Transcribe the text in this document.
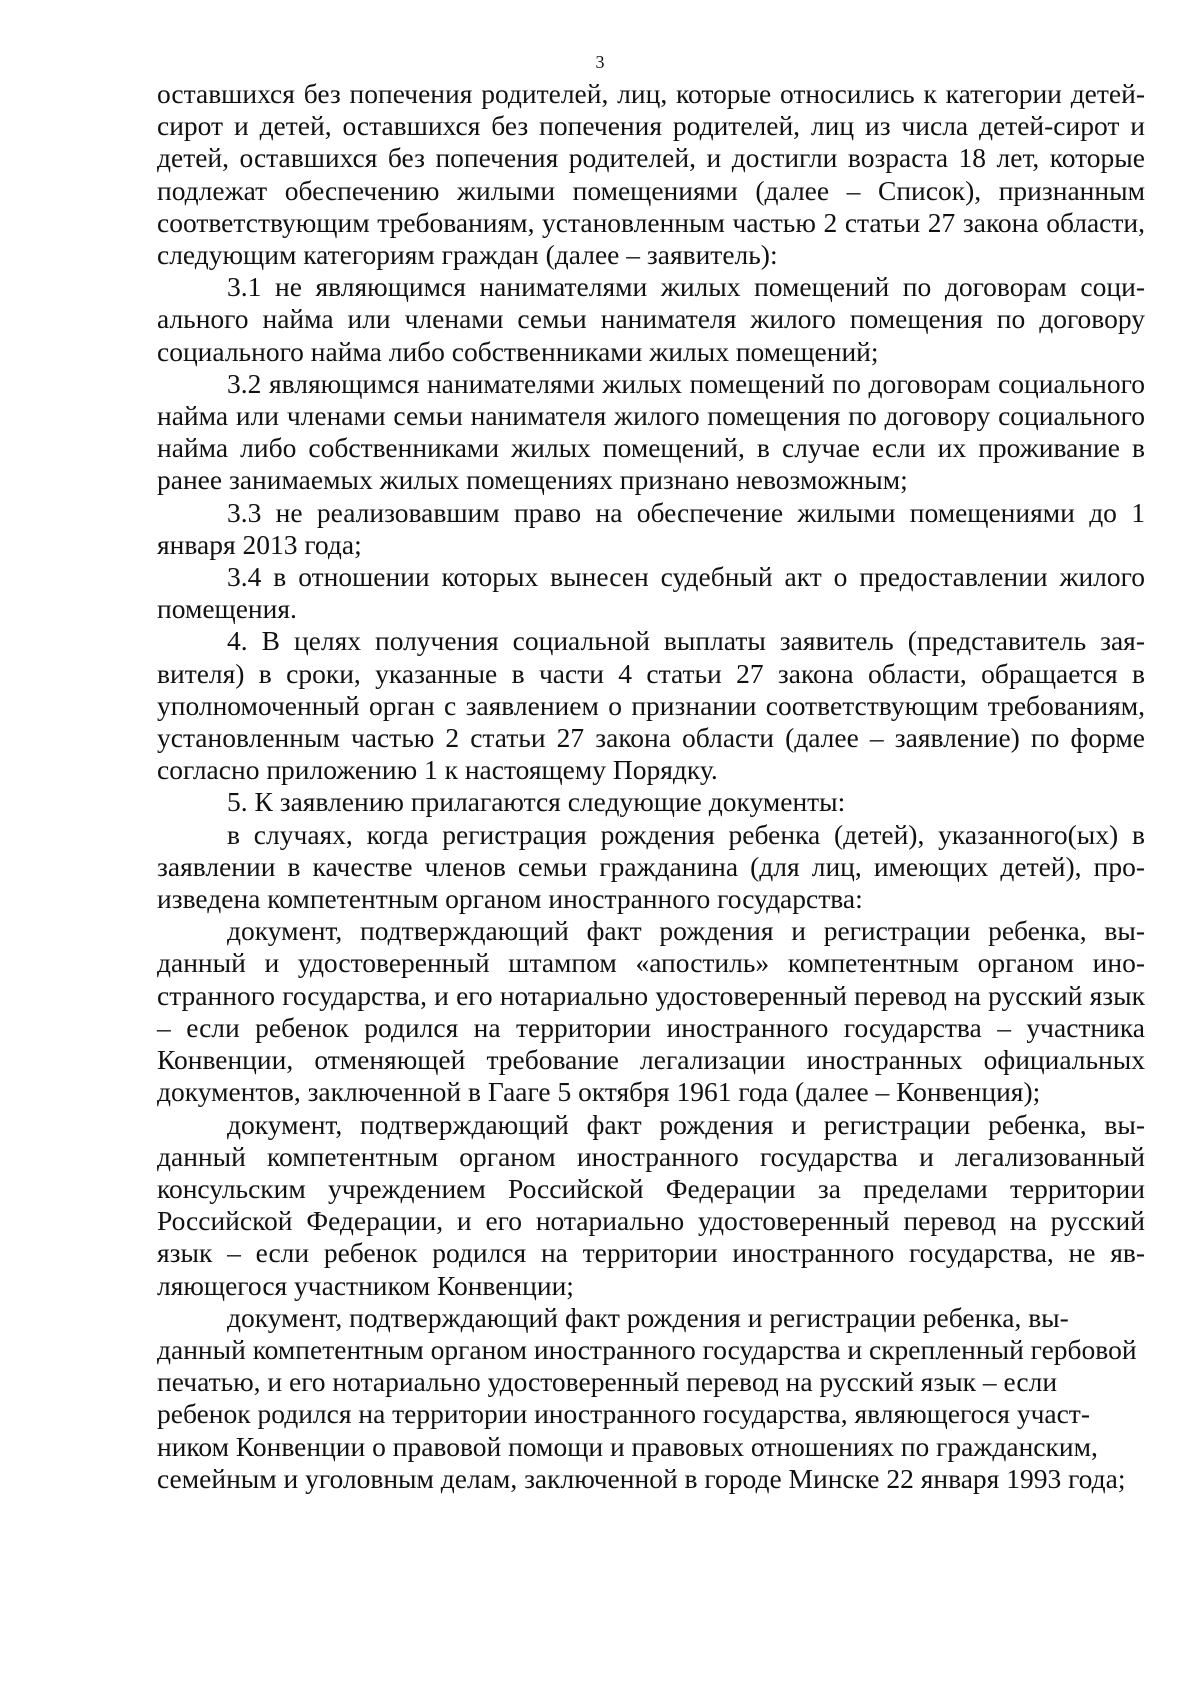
3

оставшихся без попечения родителей, лиц, которые относились к категории детей-сирот и детей, оставшихся без попечения родителей, лиц из числа детей-сирот и детей, оставшихся без попечения родителей, и достигли возраста 18 лет, которые подлежат обеспечению жилыми помещениями (далее – Список), признанным соответствующим требованиям, установленным частью 2 статьи 27 закона области, следующим категориям граждан (далее – заявитель):

3.1 не являющимся нанимателями жилых помещений по договорам социального найма или членами семьи нанимателя жилого помещения по договору социального найма либо собственниками жилых помещений;

3.2 являющимся нанимателями жилых помещений по договорам социального найма или членами семьи нанимателя жилого помещения по договору социального найма либо собственниками жилых помещений, в случае если их проживание в ранее занимаемых жилых помещениях признано невозможным;

3.3 не реализовавшим право на обеспечение жилыми помещениями до 1 января 2013 года;

3.4 в отношении которых вынесен судебный акт о предоставлении жилого помещения.

4. В целях получения социальной выплаты заявитель (представитель заявителя) в сроки, указанные в части 4 статьи 27 закона области, обращается в уполномоченный орган с заявлением о признании соответствующим требованиям, установленным частью 2 статьи 27 закона области (далее – заявление) по форме согласно приложению 1 к настоящему Порядку.

5. К заявлению прилагаются следующие документы:

в случаях, когда регистрация рождения ребенка (детей), указанного(ых) в заявлении в качестве членов семьи гражданина (для лиц, имеющих детей), произведена компетентным органом иностранного государства:

документ, подтверждающий факт рождения и регистрации ребенка, выданный и удостоверенный штампом «апостиль» компетентным органом иностранного государства, и его нотариально удостоверенный перевод на русский язык – если ребенок родился на территории иностранного государства – участника Конвенции, отменяющей требование легализации иностранных официальных документов, заключенной в Гааге 5 октября 1961 года (далее – Конвенция);

документ, подтверждающий факт рождения и регистрации ребенка, выданный компетентным органом иностранного государства и легализованный консульским учреждением Российской Федерации за пределами территории Российской Федерации, и его нотариально удостоверенный перевод на русский язык – если ребенок родился на территории иностранного государства, не являющегося участником Конвенции;

документ, подтверждающий факт рождения и регистрации ребенка, выданный компетентным органом иностранного государства и скрепленный гербовой печатью, и его нотариально удостоверенный перевод на русский язык – если ребенок родился на территории иностранного государства, являющегося участником Конвенции о правовой помощи и правовых отношениях по гражданским, семейным и уголовным делам, заключенной в городе Минске 22 января 1993 года;
